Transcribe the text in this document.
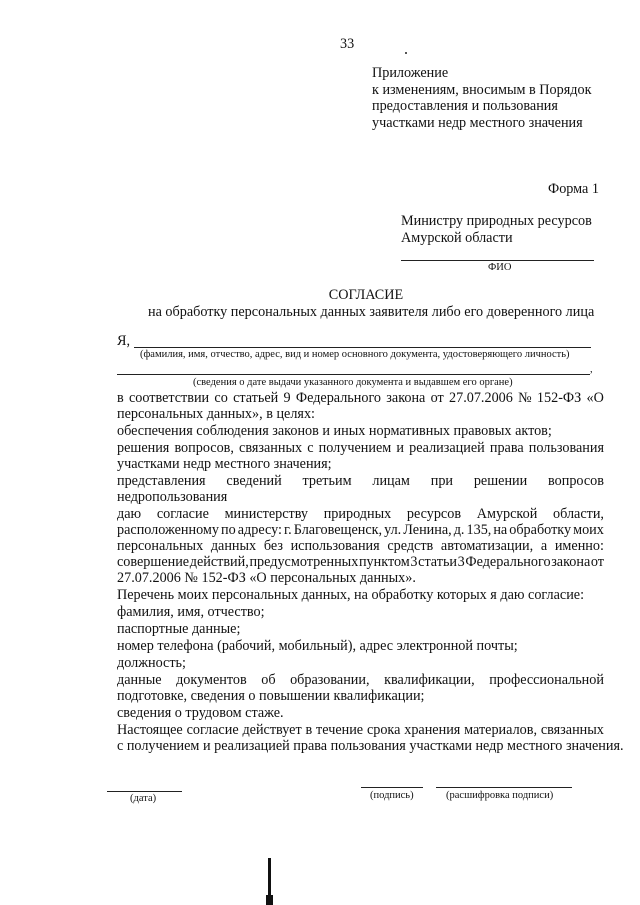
33
Приложение
к изменениям, вносимым в Порядок
предоставления и пользования
участками недр местного значения
Форма 1
Министру природных ресурсов
Амурской области
ФИО
СОГЛАСИЕ
на обработку персональных данных заявителя либо его доверенного лица
Я,
(фамилия, имя, отчество, адрес, вид и номер основного документа, удостоверяющего личность)
,
(сведения о дате выдачи указанного документа и выдавшем его органе)
в соответствии со статьей 9 Федерального закона от 27.07.2006 № 152-ФЗ «О
персональных данных», в целях:
обеспечения соблюдения законов и иных нормативных правовых актов;
решения вопросов, связанных с получением и реализацией права пользования
участками недр местного значения;
представления сведений третьим лицам при решении вопросов
недропользования
даю согласие министерству природных ресурсов Амурской области,
расположенному по адресу: г. Благовещенск, ул. Ленина, д. 135, на обработку моих
персональных данных без использования средств автоматизации, а именно:
совершение действий, предусмотренных пунктом 3 статьи 3 Федерального закона от
27.07.2006 № 152-ФЗ «О персональных данных».
Перечень моих персональных данных, на обработку которых я даю согласие:
фамилия, имя, отчество;
паспортные данные;
номер телефона (рабочий, мобильный), адрес электронной почты;
должность;
данные документов об образовании, квалификации, профессиональной
подготовке, сведения о повышении квалификации;
сведения о трудовом стаже.
Настоящее согласие действует в течение срока хранения материалов, связанных
с получением и реализацией права пользования участками недр местного значения.
(дата)	(подпись)	(расшифровка подписи)
